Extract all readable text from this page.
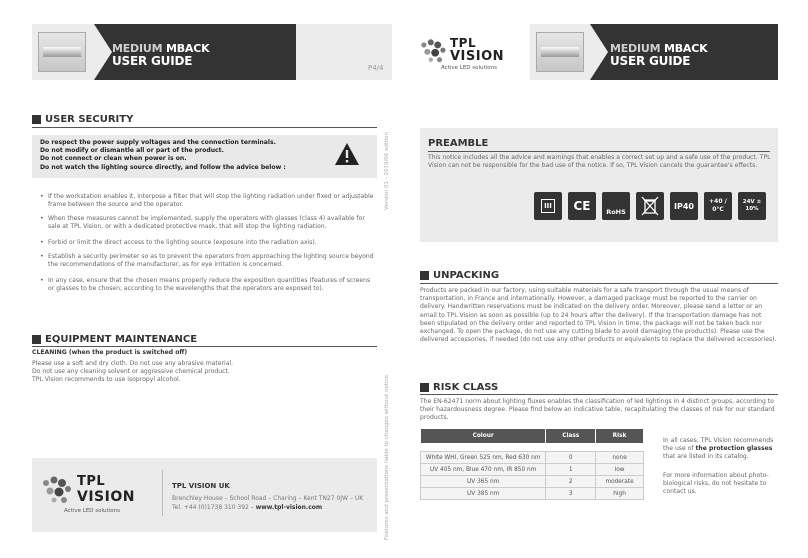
MEDIUM MBACK
USER GUIDE	P4/4
USER SECURITY
Do respect the power supply voltages and the connection terminals.
Do not modify or dismantle all or part of the product.
Do not connect or clean when power is on.
Do not watch the lighting source directly, and follow the advice below :
• If the workstation enables it, interpose a filter that will stop the lighting radiation under fixed or adjustable frame between the source and the operator.
• When these measures cannot be implemented, supply the operators with glasses (class 4) available for sale at TPL Vision, or with a dedicated protective mask, that will stop the lighting radiation.
• Forbid or limit the direct access to the lighting source (exposure into the radiation axis).
• Establish a security perimeter so as to prevent the operators from approaching the lighting source beyond the recommendations of the manufacturer, as for eye irritation is concerned.
• In any case, ensure that the chosen means properly reduce the exposition quantities (features of screens or glasses to be chosen, according to the wavelengths that the operators are exposed to).
EQUIPMENT MAINTENANCE
CLEANING (when the product is switched off)
Please use a soft and dry cloth. Do not use any abrasive material.
Do not use any cleaning solvent or aggressive chemical product.
TPL Vision recommends to use isopropyl alcohol.
TPL
VISION
Active LED solutions
TPL VISION UK
Brenchley House – School Road – Charing – Kent TN27 0JW – UK
Tel. +44 (0)1738 310 392 – www.tpl-vision.com
Version 01 - 2019/06 edition
Features and presentations liable to changes without notice.
TPL
VISION
Active LED solutions
MEDIUM MBACK
USER GUIDE
PREAMBLE
This notice includes all the advice and warnings that enables a correct set up and a safe use of the product. TPL Vision can not be responsible for the bad use of the notice. If so, TPL Vision cancels the guarantee's effects.
III CE RoHS
IP40	+40 / 0°C
24V ± 10%
UNPACKING
Products are packed in our factory, using suitable materials for a safe transport through the usual means of transportation, in France and internationally. However, a damaged package must be reported to the carrier on delivery. Handwritten reservations must be indicated on the delivery order. Moreover, please send a letter or an email to TPL Vision as soon as possible (up to 24 hours after the delivery). If the transportation damage has not been stipulated on the delivery order and reported to TPL Vision in time, the package will not be taken back nor exchanged. To open the package, do not use any cutting blade to avoid damaging the product(s). Please use the delivered accessories, if needed (do not use any other products or equivalents to replace the delivered accessories).
RISK CLASS
The EN-62471 norm about lighting fluxes enables the classification of led lightings in 4 distinct groups, according to their hazardousness degree. Please find below an indicative table, recapitulating the classes of risk for our standard products.
Colour	Class	Risk

White WHI, Green 525 nm, Red 630 nm	0	none
UV 405 nm, Blue 470 nm, IR 850 nm	1	low
UV 365 nm	2	moderate
UV 385 nm	3	high
In all cases, TPL Vision recommends the use of the protection glasses that are listed in its catalog.
For more information about photo-biological risks, do not hesitate to contact us.
